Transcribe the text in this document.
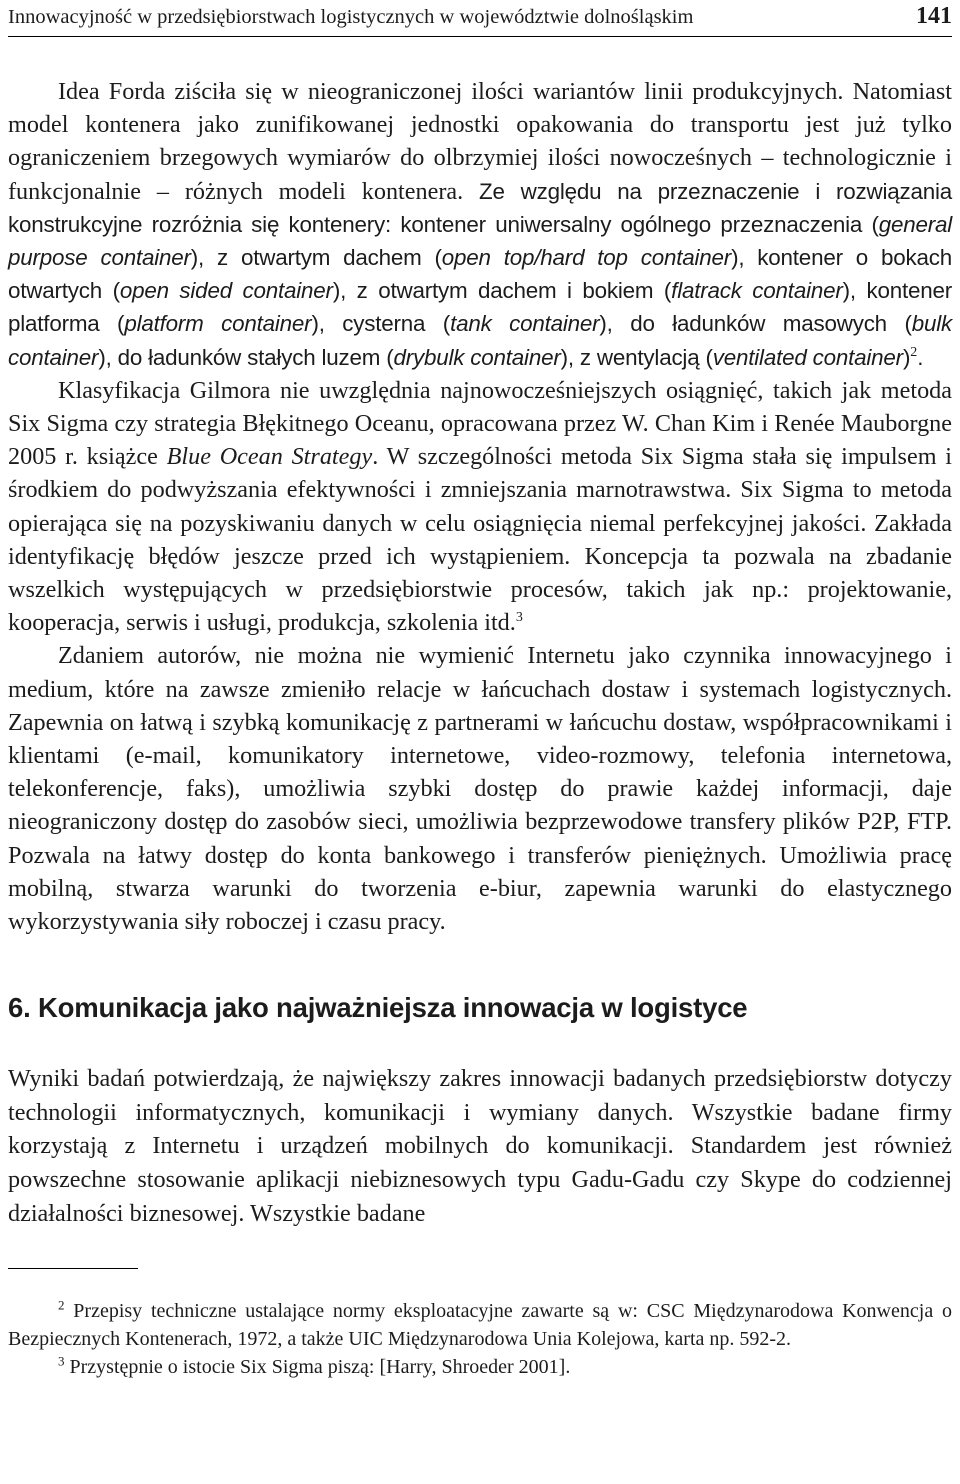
Innowacyjność w przedsiębiorstwach logistycznych w województwie dolnośląskim	141

Idea Forda ziściła się w nieograniczonej ilości wariantów linii produkcyjnych. Natomiast model kontenera jako zunifikowanej jednostki opakowania do transportu jest już tylko ograniczeniem brzegowych wymiarów do olbrzymiej ilości nowocześnych – technologicznie i funkcjonalnie – różnych modeli kontenera. Ze względu na przeznaczenie i rozwiązania konstrukcyjne rozróżnia się kontenery: kontener uniwersalny ogólnego przeznaczenia (general purpose container), z otwartym dachem (open top/hard top container), kontener o bokach otwartych (open sided container), z otwartym dachem i bokiem (flatrack container), kontener platforma (platform container), cysterna (tank container), do ładunków masowych (bulk container), do ładunków stałych luzem (drybulk container), z wentylacją (ventilated container)$^2$.

Klasyfikacja Gilmora nie uwzględnia najnowocześniejszych osiągnięć, takich jak metoda Six Sigma czy strategia Błękitnego Oceanu, opracowana przez W. Chan Kim i Renée Mauborgne 2005 r. książce Blue Ocean Strategy. W szczególności metoda Six Sigma stała się impulsem i środkiem do podwyższania efektywności i zmniejszania marnotrawstwa. Six Sigma to metoda opierająca się na pozyskiwaniu danych w celu osiągnięcia niemal perfekcyjnej jakości. Zakłada identyfikację błędów jeszcze przed ich wystąpieniem. Koncepcja ta pozwala na zbadanie wszelkich występujących w przedsiębiorstwie procesów, takich jak np.: projektowanie, kooperacja, serwis i usługi, produkcja, szkolenia itd.$^3$

Zdaniem autorów, nie można nie wymienić Internetu jako czynnika innowacyjnego i medium, które na zawsze zmieniło relacje w łańcuchach dostaw i systemach logistycznych. Zapewnia on łatwą i szybką komunikację z partnerami w łańcuchu dostaw, współpracownikami i klientami (e-mail, komunikatory internetowe, video-rozmowy, telefonia internetowa, telekonferencje, faks), umożliwia szybki dostęp do prawie każdej informacji, daje nieograniczony dostęp do zasobów sieci, umożliwia bezprzewodowe transfery plików P2P, FTP. Pozwala na łatwy dostęp do konta bankowego i transferów pieniężnych. Umożliwia pracę mobilną, stwarza warunki do tworzenia e-biur, zapewnia warunki do elastycznego wykorzystywania siły roboczej i czasu pracy.

6. Komunikacja jako najważniejsza innowacja w logistyce

Wyniki badań potwierdzają, że największy zakres innowacji badanych przedsiębiorstw dotyczy technologii informatycznych, komunikacji i wymiany danych. Wszystkie badane firmy korzystają z Internetu i urządzeń mobilnych do komunikacji. Standardem jest również powszechne stosowanie aplikacji niebiznesowych typu Gadu-Gadu czy Skype do codziennej działalności biznesowej. Wszystkie badane

$^2$ Przepisy techniczne ustalające normy eksploatacyjne zawarte są w: CSC Międzynarodowa Konwencja o Bezpiecznych Kontenerach, 1972, a także UIC Międzynarodowa Unia Kolejowa, karta np. 592-2.

$^3$ Przystępnie o istocie Six Sigma piszą: [Harry, Shroeder 2001].
